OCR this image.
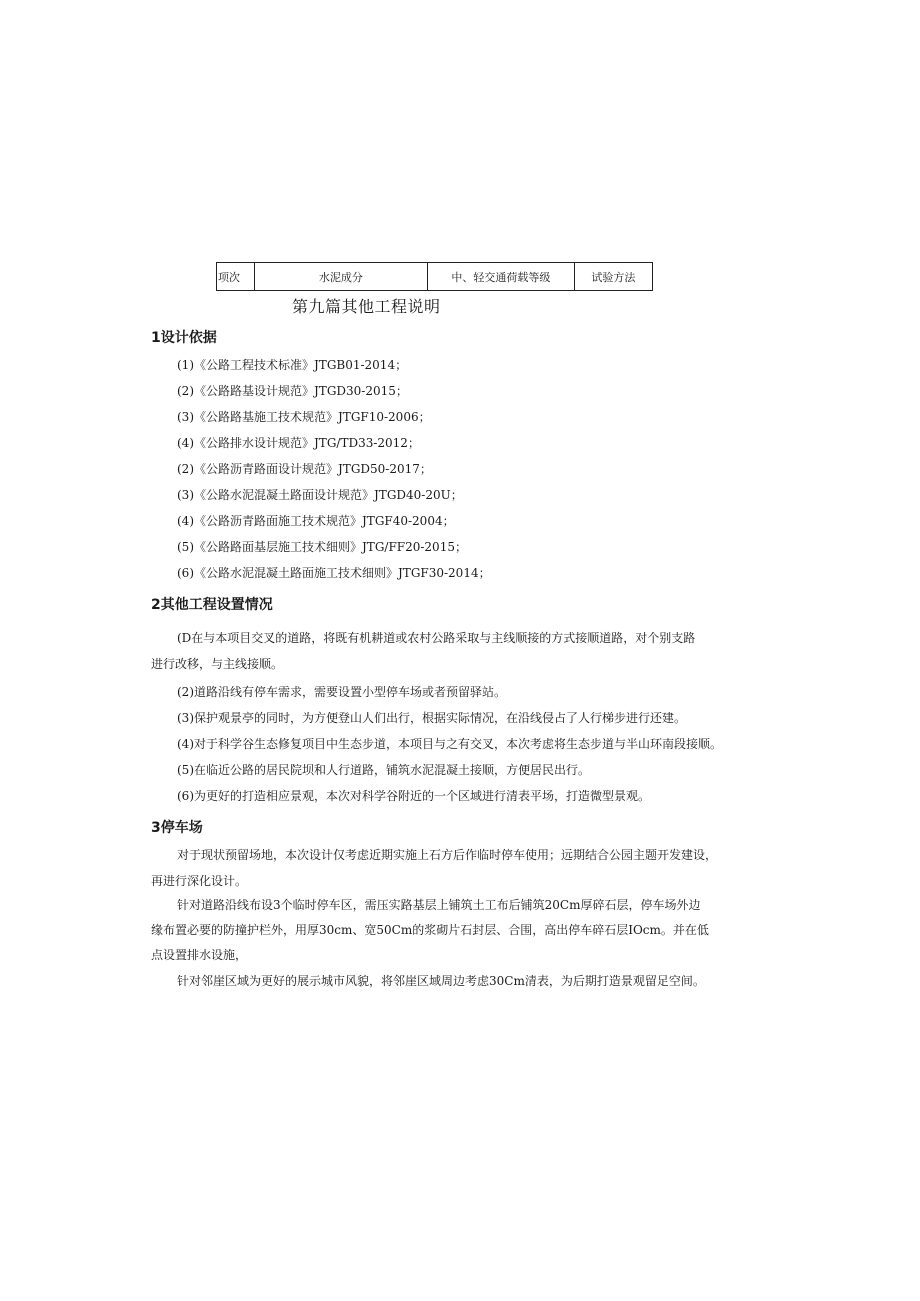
项次	水泥成分	中、轻交通荷载等级	试验方法
第九篇其他工程说明
1设计依据
(1)《公路工程技术标准》JTGB01-2014；
(2)《公路路基设计规范》JTGD30-2015；
(3)《公路路基施工技术规范》JTGF10-2006；
(4)《公路排水设计规范》JTG/TD33-2012；
(2)《公路沥青路面设计规范》JTGD50-2017；
(3)《公路水泥混凝土路面设计规范》JTGD40-20U；
(4)《公路沥青路面施工技术规范》JTGF40-2004；
(5)《公路路面基层施工技术细则》JTG/FF20-2015；
(6)《公路水泥混凝土路面施工技术细则》JTGF30-2014；
2其他工程设置情况
(D在与本项目交叉的道路，将既有机耕道或农村公路采取与主线顺接的方式接顺道路，对个别支路
进行改移，与主线接顺。
(2)道路沿线有停车需求，需要设置小型停车场或者预留驿站。
(3)保护观景亭的同时，为方便登山人们出行，根据实际情况，在沿线侵占了人行梯步进行还建。
(4)对于科学谷生态修复项目中生态步道，本项目与之有交叉，本次考虑将生态步道与半山环南段接顺。
(5)在临近公路的居民院坝和人行道路，铺筑水泥混凝土接顺，方便居民出行。
(6)为更好的打造相应景观，本次对科学谷附近的一个区域进行清表平场，打造微型景观。
3停车场
对于现状预留场地，本次设计仅考虑近期实施上石方后作临时停车使用；远期结合公园主题开发建设，
再进行深化设计。
针对道路沿线布设3个临时停车区，需压实路基层上铺筑土工布后铺筑20Cm厚碎石层，停车场外边
缘布置必要的防撞护栏外，用厚30cm、宽50Cm的浆砌片石封层、合围，高出停车碎石层IOcm。并在低
点设置排水设施，
针对邻崖区域为更好的展示城市风貌，将邻崖区域周边考虑30Cm清表，为后期打造景观留足空间。
